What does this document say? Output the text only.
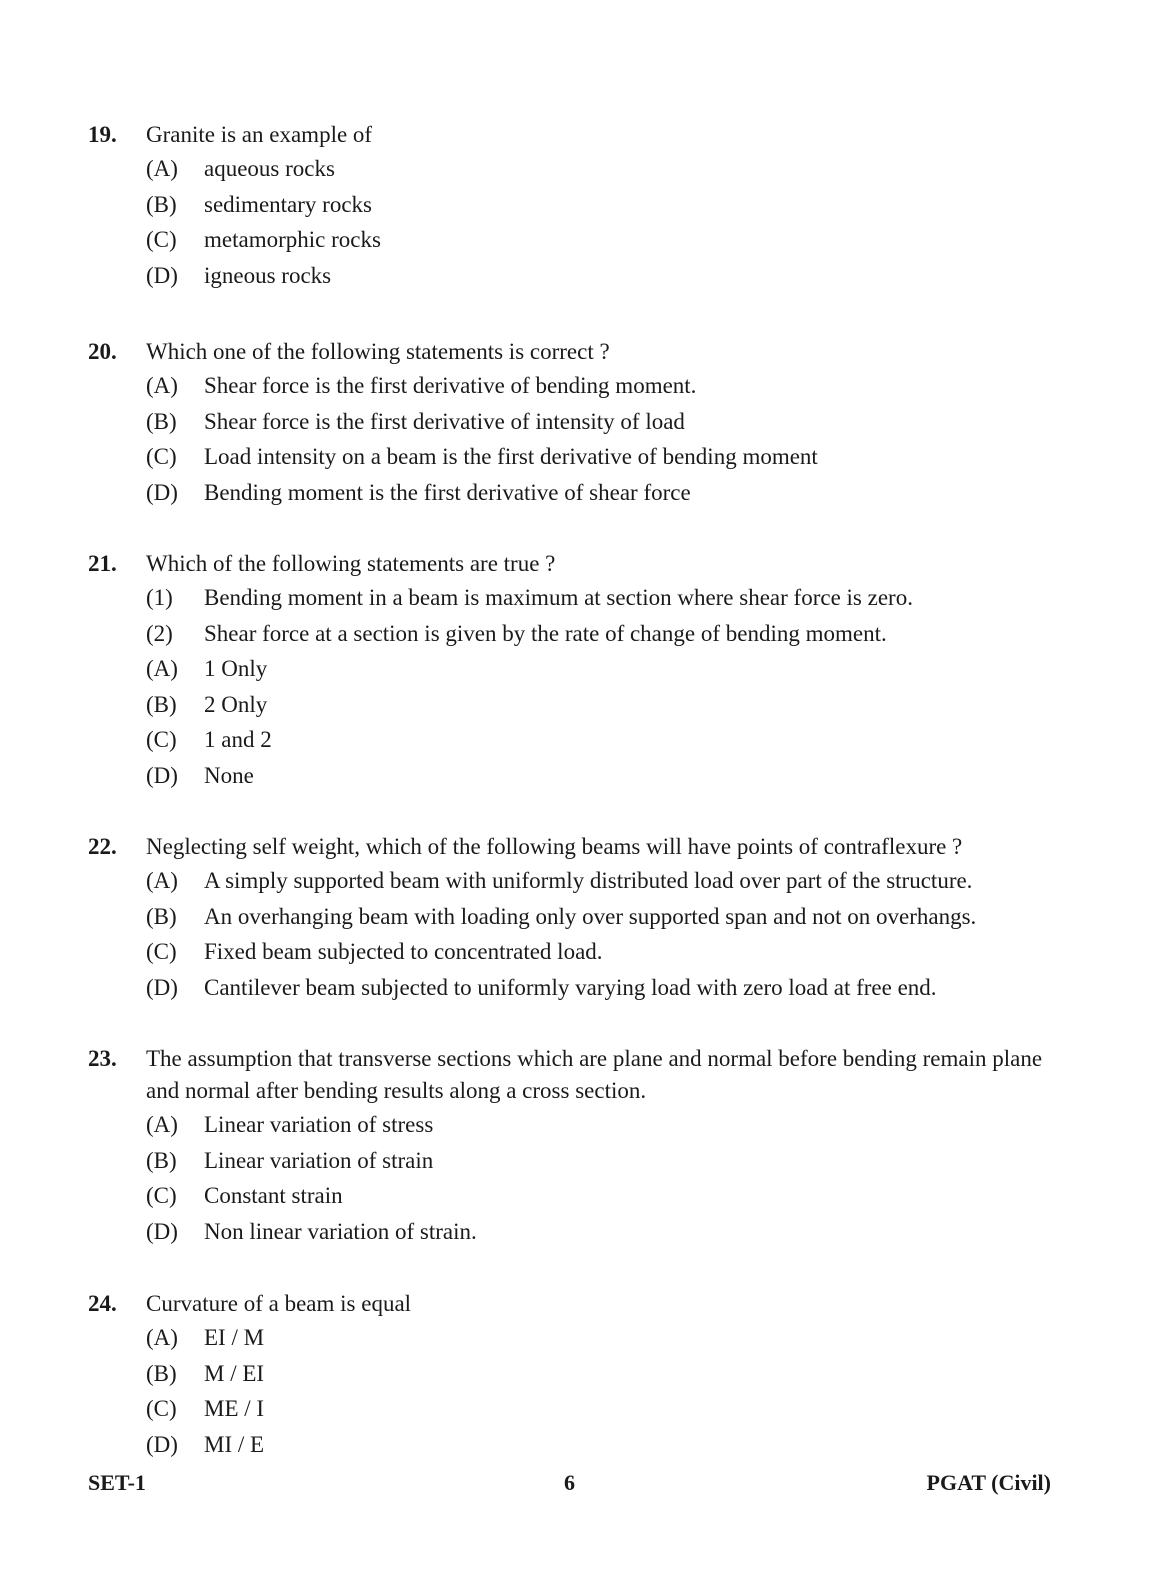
19.	Granite is an example of
(A)	aqueous rocks
(B)	sedimentary rocks
(C)	metamorphic rocks
(D)	igneous rocks
20.	Which one of the following statements is correct ?
(A)	Shear force is the first derivative of bending moment.
(B)	Shear force is the first derivative of intensity of load
(C)	Load intensity on a beam is the first derivative of bending moment
(D)	Bending moment is the first derivative of shear force
21.	Which of the following statements are true ?
(1)	Bending moment in a beam is maximum at section where shear force is zero.
(2)	Shear force at a section is given by the rate of change of bending moment.
(A)	1 Only
(B)	2 Only
(C)	1 and 2
(D)	None
22.	Neglecting self weight, which of the following beams will have points of contraflexure ?
(A)	A simply supported beam with uniformly distributed load over part of the structure.
(B)	An overhanging beam with loading only over supported span and not on overhangs.
(C)	Fixed beam subjected to concentrated load.
(D)	Cantilever beam subjected to uniformly varying load with zero load at free end.
23.	The assumption that transverse sections which are plane and normal before bending remain plane and normal after bending results along a cross section.
(A)	Linear variation of stress
(B)	Linear variation of strain
(C)	Constant strain
(D)	Non linear variation of strain.
24.	Curvature of a beam is equal
(A)	EI / M
(B)	M / EI
(C)	ME / I
(D)	MI / E
SET-1	6	PGAT (Civil)
